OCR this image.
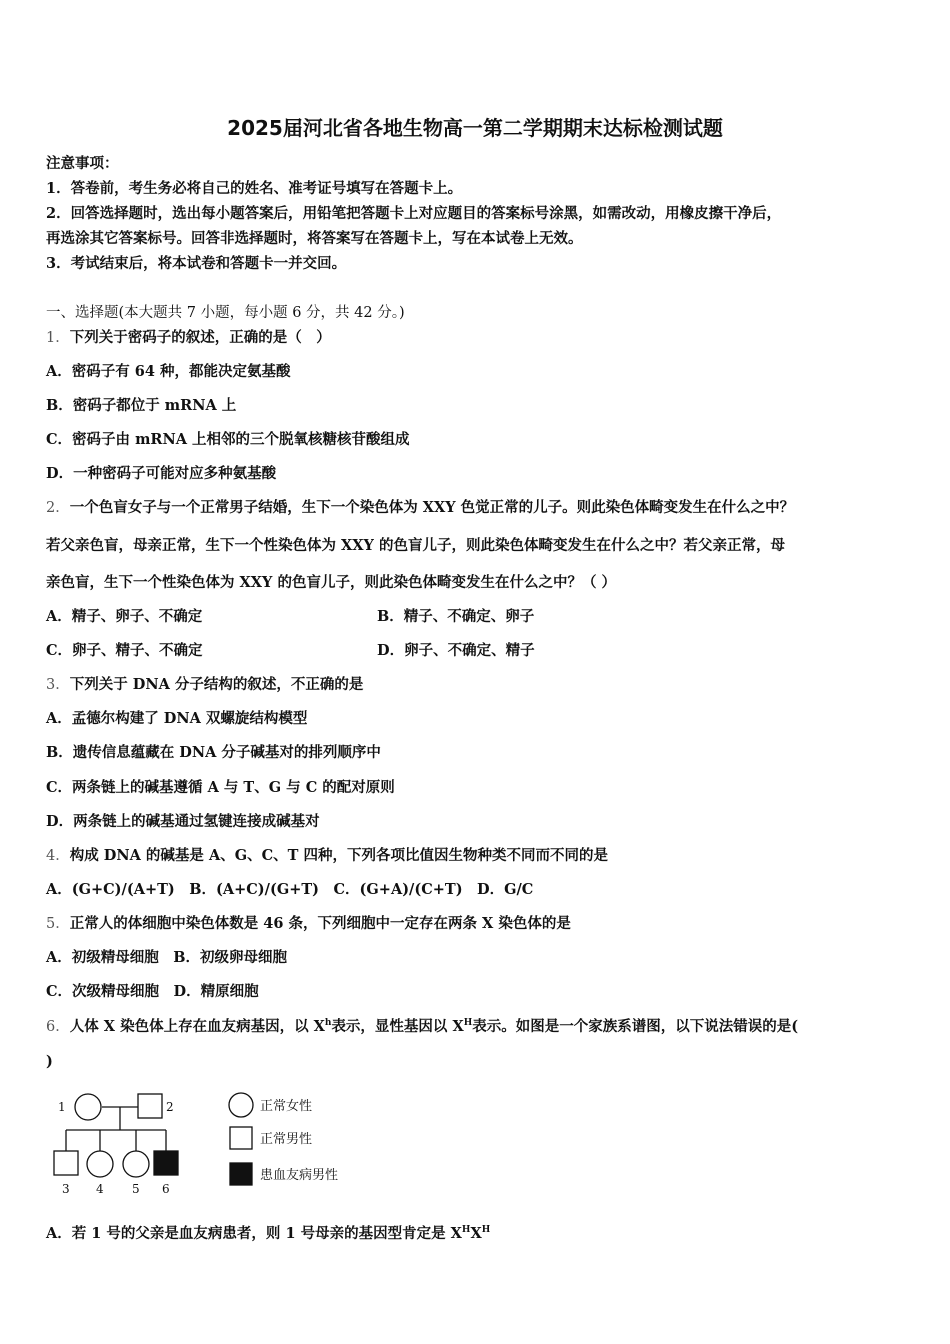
2025届河北省各地生物高一第二学期期末达标检测试题
注意事项：
1．答卷前，考生务必将自己的姓名、准考证号填写在答题卡上。
2．回答选择题时，选出每小题答案后，用铅笔把答题卡上对应题目的答案标号涂黑，如需改动，用橡皮擦干净后，
再选涂其它答案标号。回答非选择题时，将答案写在答题卡上，写在本试卷上无效。
3．考试结束后，将本试卷和答题卡一并交回。
一、选择题(本大题共 7 小题，每小题 6 分，共 42 分。)
1．下列关于密码子的叙述，正确的是（　）
A．密码子有 64 种，都能决定氨基酸
B．密码子都位于 mRNA 上
C．密码子由 mRNA 上相邻的三个脱氧核糖核苷酸组成
D．一种密码子可能对应多种氨基酸
2．一个色盲女子与一个正常男子结婚，生下一个染色体为 XXY 色觉正常的儿子。则此染色体畸变发生在什么之中？
若父亲色盲，母亲正常，生下一个性染色体为 XXY 的色盲儿子，则此染色体畸变发生在什么之中？若父亲正常，母
亲色盲，生下一个性染色体为 XXY 的色盲儿子，则此染色体畸变发生在什么之中？（ ）
A．精子、卵子、不确定	B．精子、不确定、卵子
C．卵子、精子、不确定	D．卵子、不确定、精子
3．下列关于 DNA 分子结构的叙述，不正确的是
A．孟德尔构建了 DNA 双螺旋结构模型
B．遗传信息蕴藏在 DNA 分子碱基对的排列顺序中
C．两条链上的碱基遵循 A 与 T、G 与 C 的配对原则
D．两条链上的碱基通过氢键连接成碱基对
4．构成 DNA 的碱基是 A、G、C、T 四种，下列各项比值因生物种类不同而不同的是
A．(G+C)/(A+T)　B．(A+C)/(G+T)　C．(G+A)/(C+T)　D．G/C
5．正常人的体细胞中染色体数是 46 条，下列细胞中一定存在两条 X 染色体的是
A．初级精母细胞　B．初级卵母细胞
C．次级精母细胞　D．精原细胞
6．人体 X 染色体上存在血友病基因，以 $X^h$表示，显性基因以 $X^H$表示。如图是一个家族系谱图，以下说法错误的是(
)
1	2
3 4 5 6
正常女性
正常男性
患血友病男性
A．若 1 号的父亲是血友病患者，则 1 号母亲的基因型肯定是 $X^HX^H$
